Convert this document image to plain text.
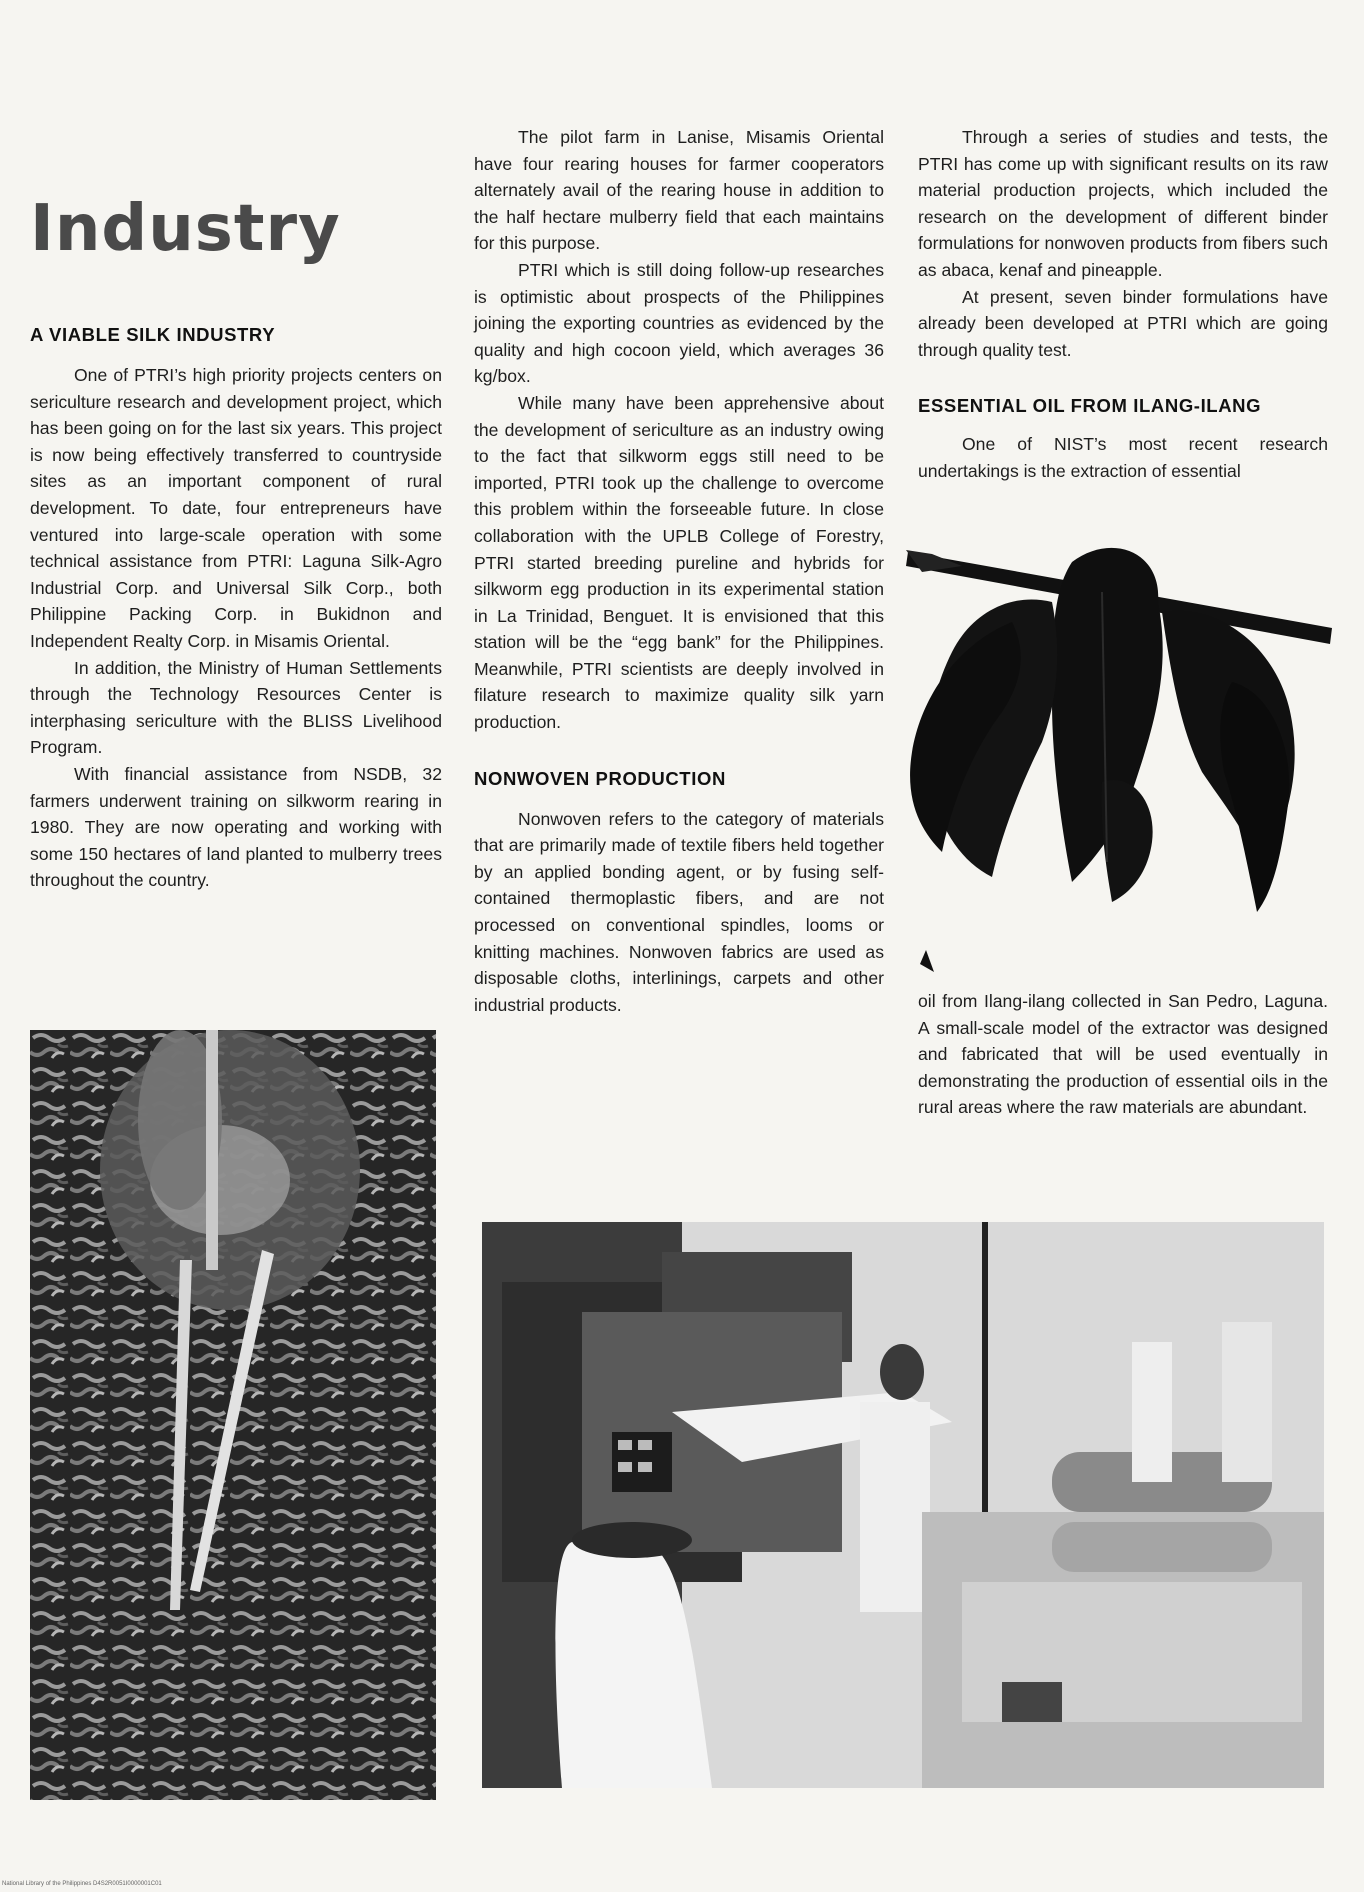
Industry
A VIABLE SILK INDUSTRY

One of PTRI’s high priority projects centers on sericulture research and development project, which has been going on for the last six years. This project is now being effectively transferred to countryside sites as an important component of rural development. To date, four entrepreneurs have ventured into large-scale operation with some technical assistance from PTRI: Laguna Silk-Agro Industrial Corp. and Universal Silk Corp., both Philippine Packing Corp. in Bukidnon and Independent Realty Corp. in Misamis Oriental.

In addition, the Ministry of Human Settlements through the Technology Resources Center is interphasing sericulture with the BLISS Livelihood Program.

With financial assistance from NSDB, 32 farmers underwent training on silkworm rearing in 1980. They are now operating and working with some 150 hectares of land planted to mulberry trees throughout the country.

The pilot farm in Lanise, Misamis Oriental have four rearing houses for farmer cooperators alternately avail of the rearing house in addition to the half hectare mulberry field that each maintains for this purpose.

PTRI which is still doing follow-up researches is optimistic about prospects of the Philippines joining the exporting countries as evidenced by the quality and high cocoon yield, which averages 36 kg/box.

While many have been apprehensive about the development of sericulture as an industry owing to the fact that silkworm eggs still need to be imported, PTRI took up the challenge to overcome this problem within the forseeable future. In close collaboration with the UPLB College of Forestry, PTRI started breeding pureline and hybrids for silkworm egg production in its experimental station in La Trinidad, Benguet. It is envisioned that this station will be the “egg bank” for the Philippines. Meanwhile, PTRI scientists are deeply involved in filature research to maximize quality silk yarn production.

NONWOVEN PRODUCTION

Nonwoven refers to the category of materials that are primarily made of textile fibers held together by an applied bonding agent, or by fusing self-contained thermoplastic fibers, and are not processed on conventional spindles, looms or knitting machines. Nonwoven fabrics are used as disposable cloths, interlinings, carpets and other industrial products.

Through a series of studies and tests, the PTRI has come up with significant results on its raw material production projects, which included the research on the development of different binder formulations for nonwoven products from fibers such as abaca, kenaf and pineapple.

At present, seven binder formulations have already been developed at PTRI which are going through quality test.

ESSENTIAL OIL FROM ILANG-ILANG

One of NIST’s most recent research undertakings is the extraction of essential

oil from Ilang-ilang collected in San Pedro, Laguna. A small-scale model of the extractor was designed and fabricated that will be used eventually in demonstrating the production of essential oils in the rural areas where the raw materials are abundant.

National Library of the Philippines D4S2R0051I0000001C01
